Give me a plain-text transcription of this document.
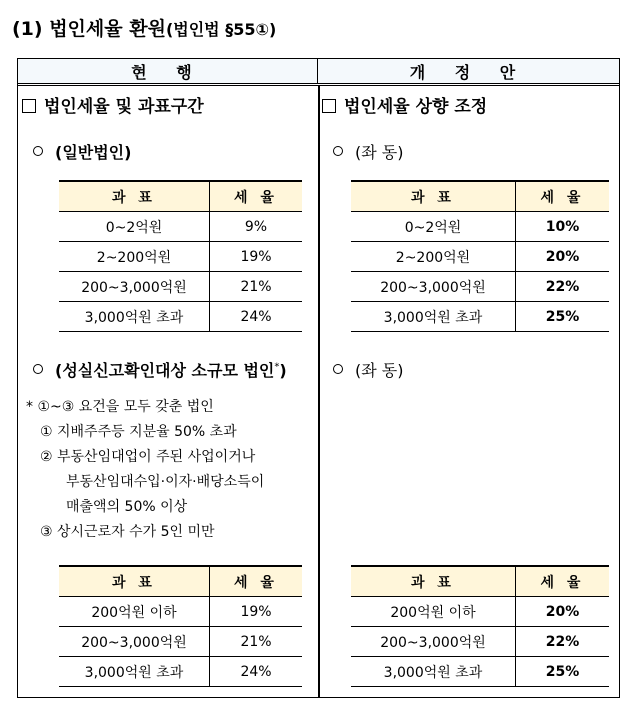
(1) 법인세율 환원(법인법 §55①)
현 행	개 정 안
법인세율 및 과표구간
(일반법인)
과 표	세 율
0~2억원	9%
2~200억원	19%
200~3,000억원	21%
3,000억원 초과	24%
(성실신고확인대상 소규모 법인*)
* ①~③ 요건을 모두 갖춘 법인
① 지배주주등 지분율 50% 초과
② 부동산임대업이 주된 사업이거나
부동산임대수입·이자·배당소득이
매출액의 50% 이상
③ 상시근로자 수가 5인 미만
과 표	세 율
200억원 이하	19%
200~3,000억원	21%
3,000억원 초과	24%
법인세율 상향 조정
(좌 동)
과 표	세 율
0~2억원	10%
2~200억원	20%
200~3,000억원	22%
3,000억원 초과	25%
(좌 동)
과 표	세 율
200억원 이하	20%
200~3,000억원	22%
3,000억원 초과	25%
